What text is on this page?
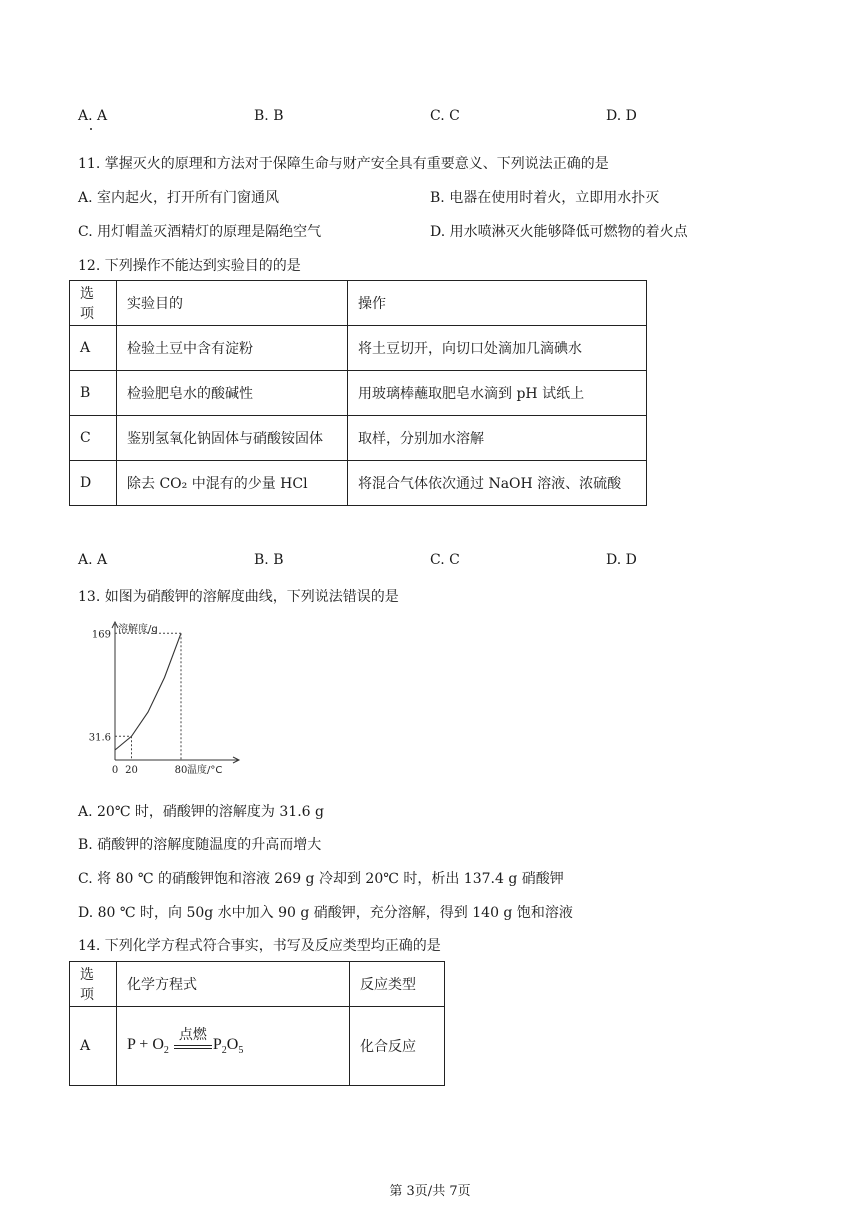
A. A	B. B	C. C	D. D
11. 掌握灭火的原理和方法对于保障生命与财产安全具有重要意义、下列说法正确的是
A. 室内起火，打开所有门窗通风	B. 电器在使用时着火，立即用水扑灭
C. 用灯帽盖灭酒精灯的原理是隔绝空气	D. 用水喷淋灭火能够降低可燃物的着火点
12. 下列操作不能达到实验目的的是
选项	实验目的	操作
A	检验土豆中含有淀粉	将土豆切开，向切口处滴加几滴碘水
B	检验肥皂水的酸碱性	用玻璃棒蘸取肥皂水滴到 pH 试纸上
C	鉴别氢氧化钠固体与硝酸铵固体	取样，分别加水溶解
D	除去 CO₂ 中混有的少量 HCl	将混合气体依次通过 NaOH 溶液、浓硫酸
A. A	B. B	C. C	D. D
13. 如图为硝酸钾的溶解度曲线，下列说法错误的是
0 20	80
31.6
169 溶解度/g
温度/°C
A. 20℃ 时，硝酸钾的溶解度为 31.6 g
B. 硝酸钾的溶解度随温度的升高而增大
C. 将 80 ℃ 的硝酸钾饱和溶液 269 g 冷却到 20℃ 时，析出 137.4 g 硝酸钾
D. 80 ℃ 时，向 50g 水中加入 90 g 硝酸钾，充分溶解，得到 140 g 饱和溶液
14. 下列化学方程式符合事实，书写及反应类型均正确的是
选项	化学方程式	反应类型
A	$P + O_2$
点燃
$P_2O_5$	化合反应
第 3页/共 7页
